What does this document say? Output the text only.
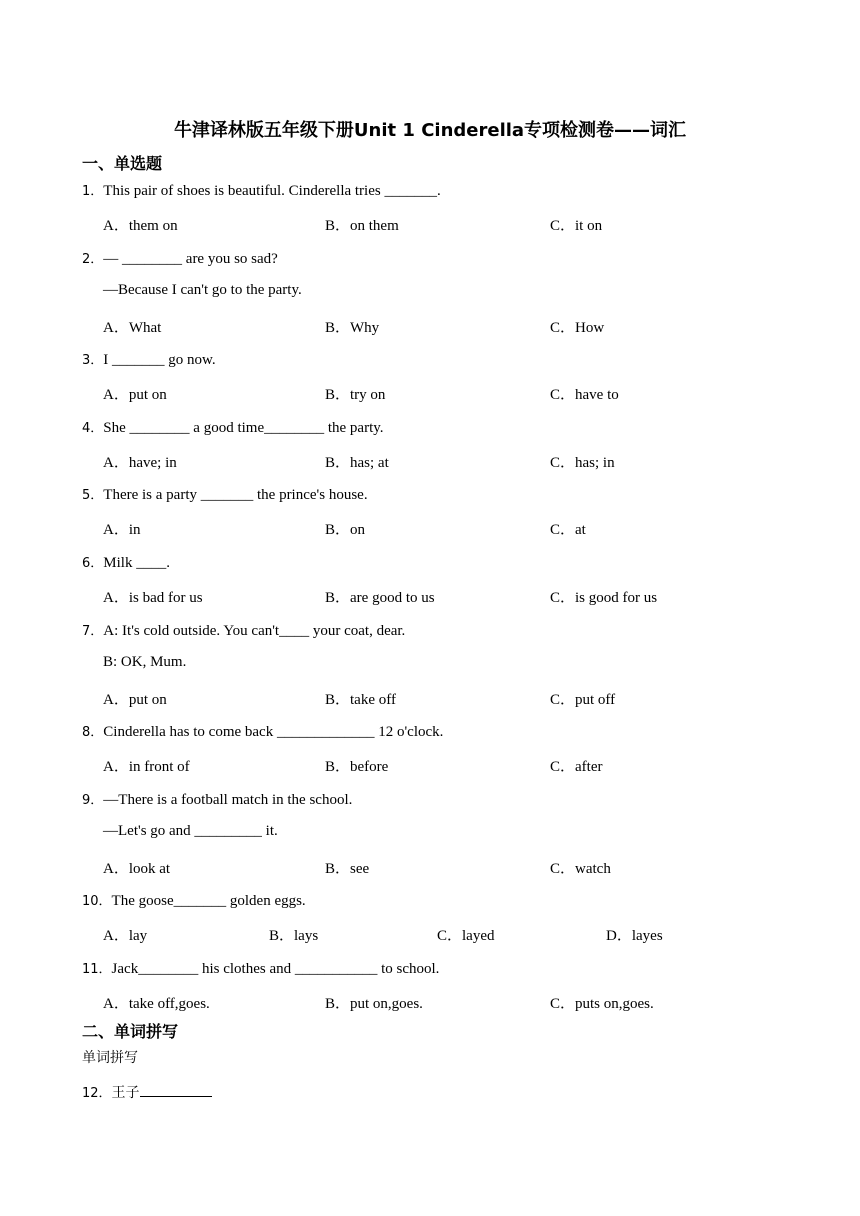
牛津译林版五年级下册Unit 1 Cinderella专项检测卷——词汇
一、单选题
1．This pair of shoes is beautiful. Cinderella tries _______.
A．them on	B．on them	C．it on
2．— ________ are you so sad?
—Because I can't go to the party.
A．What	B．Why	C．How
3．I _______ go now.
A．put on	B．try on	C．have to
4．She ________ a good time________ the party.
A．have; in	B．has; at	C．has; in
5．There is a party _______ the prince's house.
A．in	B．on	C．at
6．Milk ____.
A．is bad for us	B．are good to us	C．is good for us
7．A: It's cold outside. You can't____ your coat, dear.
B: OK, Mum.
A．put on	B．take off	C．put off
8．Cinderella has to come back _____________ 12 o'clock.
A．in front of	B．before	C．after
9．—There is a football match in the school.
—Let's go and _________ it.
A．look at	B．see	C．watch
10．The goose_______ golden eggs.
A．lay	B．lays	C．layed	D．layes
11．Jack________ his clothes and ___________ to school.
A．take off,goes.	B．put on,goes.	C．puts on,goes.
二、单词拼写
单词拼写
12．王子
